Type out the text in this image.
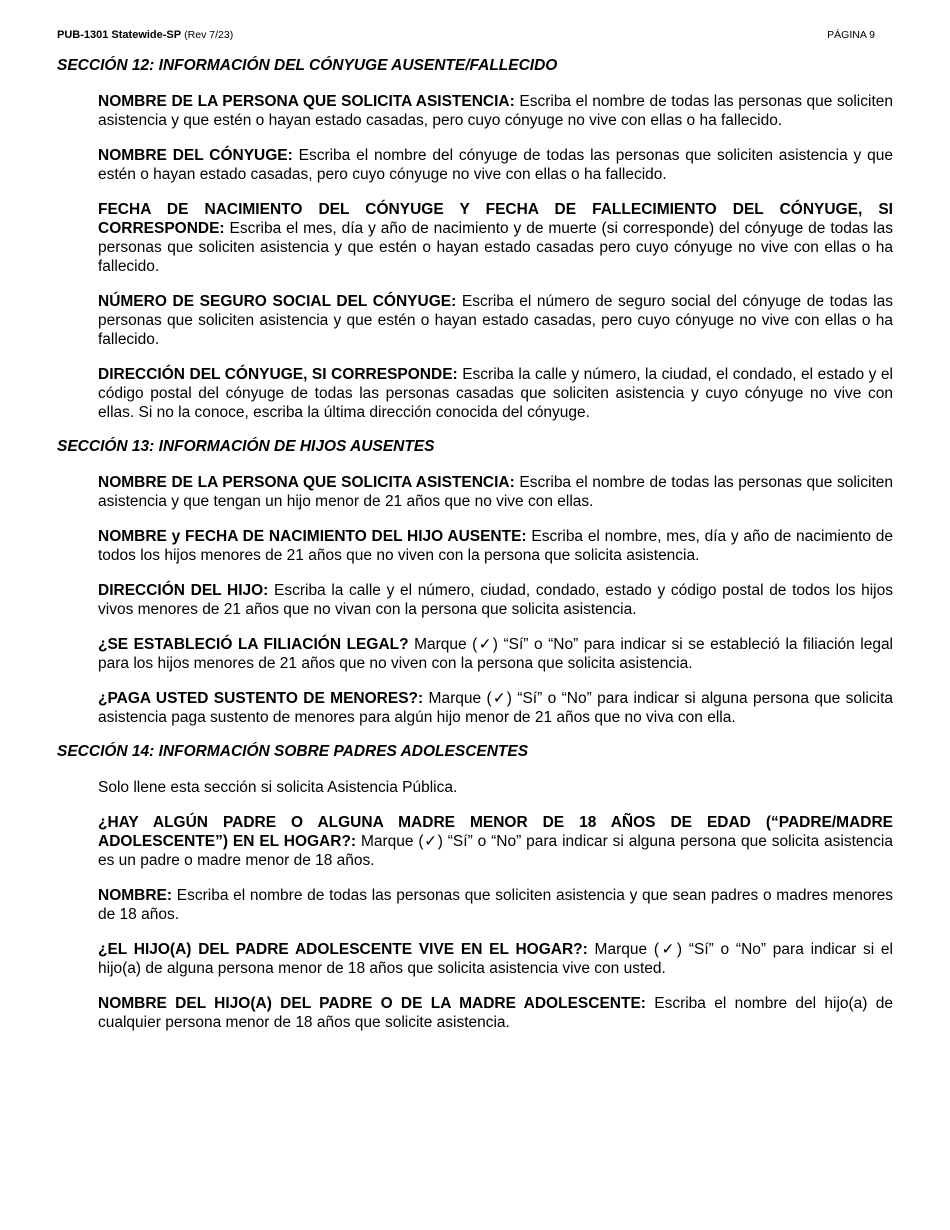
PUB-1301 Statewide-SP (Rev 7/23)	PÁGINA 9
SECCIÓN 12: INFORMACIÓN DEL CÓNYUGE AUSENTE/FALLECIDO

NOMBRE DE LA PERSONA QUE SOLICITA ASISTENCIA: Escriba el nombre de todas las personas que soliciten asistencia y que estén o hayan estado casadas, pero cuyo cónyuge no vive con ellas o ha fallecido.

NOMBRE DEL CÓNYUGE: Escriba el nombre del cónyuge de todas las personas que soliciten asistencia y que estén o hayan estado casadas, pero cuyo cónyuge no vive con ellas o ha fallecido.

FECHA DE NACIMIENTO DEL CÓNYUGE Y FECHA DE FALLECIMIENTO DEL CÓNYUGE, SI CORRESPONDE: Escriba el mes, día y año de nacimiento y de muerte (si corresponde) del cónyuge de todas las personas que soliciten asistencia y que estén o hayan estado casadas pero cuyo cónyuge no vive con ellas o ha fallecido.

NÚMERO DE SEGURO SOCIAL DEL CÓNYUGE: Escriba el número de seguro social del cónyuge de todas las personas que soliciten asistencia y que estén o hayan estado casadas, pero cuyo cónyuge no vive con ellas o ha fallecido.

DIRECCIÓN DEL CÓNYUGE, SI CORRESPONDE: Escriba la calle y número, la ciudad, el condado, el estado y el código postal del cónyuge de todas las personas casadas que soliciten asistencia y cuyo cónyuge no vive con ellas. Si no la conoce, escriba la última dirección conocida del cónyuge.

SECCIÓN 13: INFORMACIÓN DE HIJOS AUSENTES

NOMBRE DE LA PERSONA QUE SOLICITA ASISTENCIA: Escriba el nombre de todas las personas que soliciten asistencia y que tengan un hijo menor de 21 años que no vive con ellas.

NOMBRE y FECHA DE NACIMIENTO DEL HIJO AUSENTE: Escriba el nombre, mes, día y año de nacimiento de todos los hijos menores de 21 años que no viven con la persona que solicita asistencia.

DIRECCIÓN DEL HIJO: Escriba la calle y el número, ciudad, condado, estado y código postal de todos los hijos vivos menores de 21 años que no vivan con la persona que solicita asistencia.

¿SE ESTABLECIÓ LA FILIACIÓN LEGAL? Marque (✓) “Sí” o “No” para indicar si se estableció la filiación legal para los hijos menores de 21 años que no viven con la persona que solicita asistencia.

¿PAGA USTED SUSTENTO DE MENORES?: Marque (✓) “Sí” o “No” para indicar si alguna persona que solicita asistencia paga sustento de menores para algún hijo menor de 21 años que no viva con ella.

SECCIÓN 14: INFORMACIÓN SOBRE PADRES ADOLESCENTES

Solo llene esta sección si solicita Asistencia Pública.

¿HAY ALGÚN PADRE O ALGUNA MADRE MENOR DE 18 AÑOS DE EDAD (“PADRE/MADRE ADOLESCENTE”) EN EL HOGAR?: Marque (✓) “Sí” o “No” para indicar si alguna persona que solicita asistencia es un padre o madre menor de 18 años.

NOMBRE: Escriba el nombre de todas las personas que soliciten asistencia y que sean padres o madres menores de 18 años.

¿EL HIJO(A) DEL PADRE ADOLESCENTE VIVE EN EL HOGAR?: Marque (✓) “Sí” o “No” para indicar si el hijo(a) de alguna persona menor de 18 años que solicita asistencia vive con usted.

NOMBRE DEL HIJO(A) DEL PADRE O DE LA MADRE ADOLESCENTE: Escriba el nombre del hijo(a) de cualquier persona menor de 18 años que solicite asistencia.
